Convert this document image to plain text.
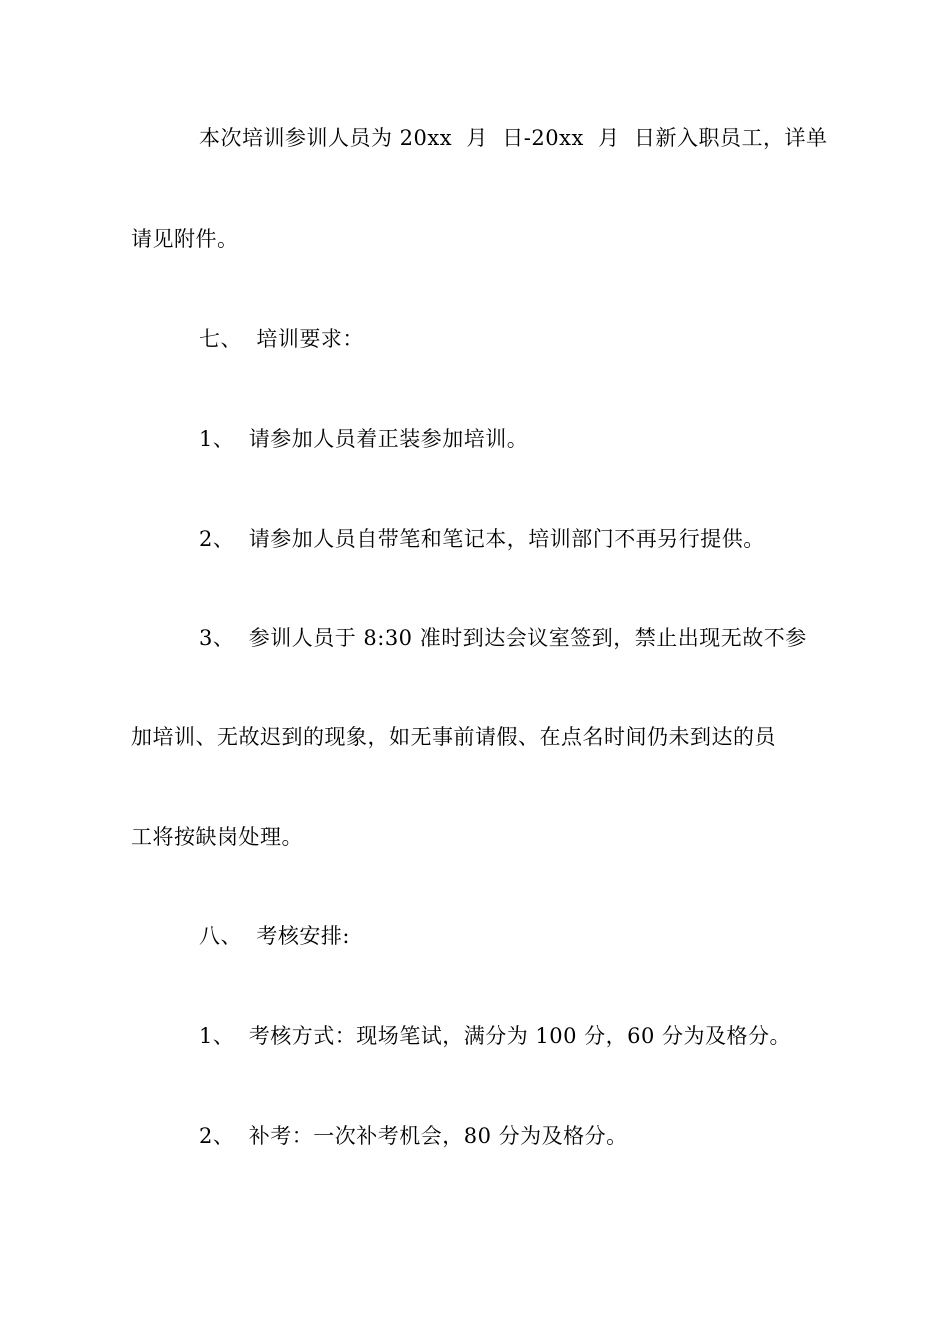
本次培训参训人员为 20xx  月  日-20xx  月  日新入职员工，详单
请见附件。
七、  培训要求：
1、  请参加人员着正装参加培训。
2、  请参加人员自带笔和笔记本，培训部门不再另行提供。
3、  参训人员于 8:30 准时到达会议室签到，禁止出现无故不参
加培训、无故迟到的现象，如无事前请假、在点名时间仍未到达的员
工将按缺岗处理。
八、  考核安排:
1、  考核方式：现场笔试，满分为 100 分，60 分为及格分。
2、  补考：一次补考机会，80 分为及格分。
